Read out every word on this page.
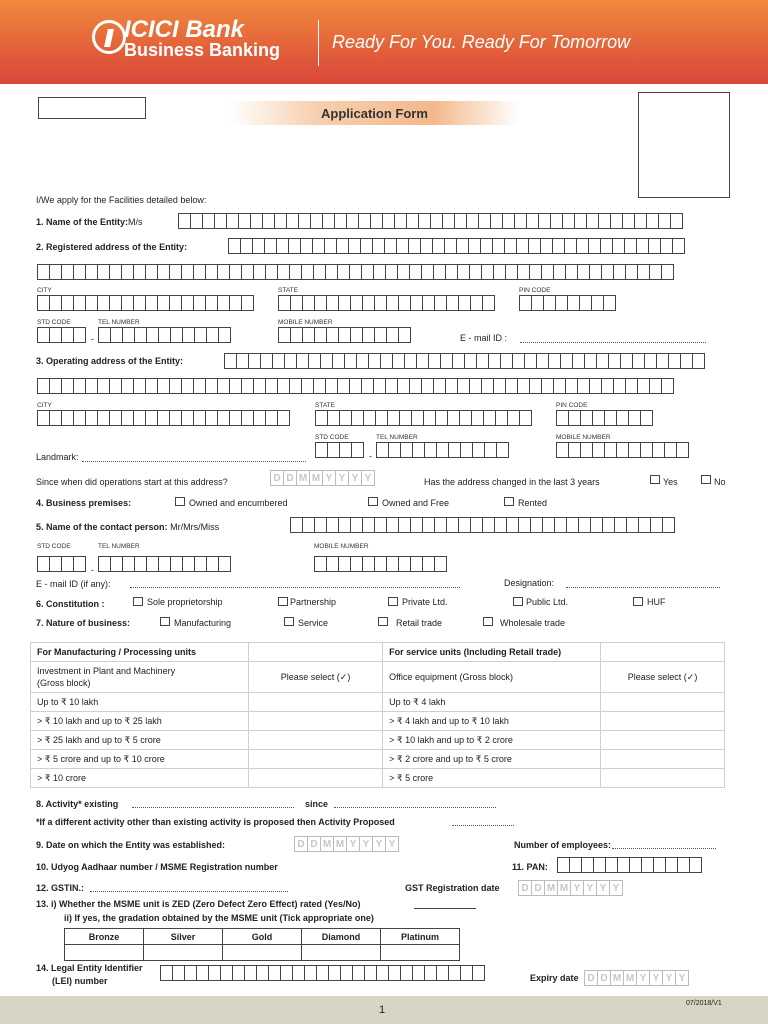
ICICI Bank
Business Banking	Ready For You. Ready For Tomorrow
Application Form
I/We apply for the Facilities detailed below:
1. Name of the Entity:M/s
2. Registered address of the Entity:
CITY	STATE	PIN CODE
STD CODE	TEL NUMBER	MOBILE NUMBER
-	E - mail ID :
3. Operating address of the Entity:
CITY	STATE	PIN CODE
STD CODE	TEL NUMBER	MOBILE NUMBER
-
Landmark:
Since when did operations start at this address?	D D M M Y Y Y Y	Has the address changed in the last 3 years	Yes	No
4. Business premises:	Owned and encumbered	Owned and Free	Rented
5. Name of the contact person: Mr/Mrs/Miss
STD CODE	TEL NUMBER	MOBILE NUMBER
-
E - mail ID (if any):	Designation:
6. Constitution :	Sole proprietorship	Partnership	Private Ltd.	Public Ltd.	HUF
7. Nature of business:	Manufacturing	Service	Retail trade	Wholesale trade
For Manufacturing / Processing units		For service units (Including Retail trade)	
Investment in Plant and Machinery
(Gross block)	Please select (✓)	Office equipment (Gross block)	Please select (✓)
Up to ₹ 10 lakh		Up to ₹ 4 lakh	
> ₹ 10 lakh and up to ₹ 25 lakh		> ₹ 4 lakh and up to ₹ 10 lakh	
> ₹ 25 lakh and up to ₹ 5 crore		> ₹ 10 lakh and up to ₹ 2 crore	
> ₹ 5 crore and up to ₹ 10 crore		> ₹ 2 crore and up to ₹ 5 crore	
> ₹ 10 crore		> ₹ 5 crore	
8. Activity* existing	since
*If a different activity other than existing activity is proposed then Activity Proposed
9. Date on which the Entity was established:	D D M M Y Y Y Y	Number of employees:
10. Udyog Aadhaar number / MSME Registration number	11. PAN:
12. GSTIN.:	GST Registration date	D D M M Y Y Y Y
13. i) Whether the MSME unit is ZED (Zero Defect Zero Effect) rated (Yes/No)
ii) If yes, the gradation obtained by the MSME unit (Tick appropriate one)
Bronze	Silver	Gold	Diamond	Platinum

14. Legal Entity Identifier
(LEI) number	Expiry date D D M M Y Y Y Y
1
07/2018/V1
